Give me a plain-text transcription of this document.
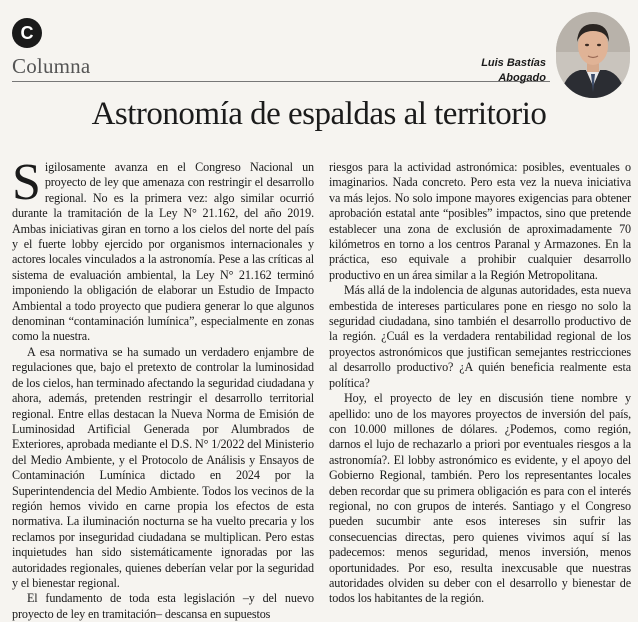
C
Columna	Luis Bastías
Abogado
Astronomía de espaldas al territorio

Sigilosamente avanza en el Congreso Nacional un proyecto de ley que amenaza con restringir el desarrollo regional. No es la primera vez: algo similar ocurrió durante la tramitación de la Ley N° 21.162, del año 2019. Ambas iniciativas giran en torno a los cielos del norte del país y el fuerte lobby ejercido por organismos internacionales y actores locales vinculados a la astronomía. Pese a las críticas al sistema de evaluación ambiental, la Ley N° 21.162 terminó imponiendo la obligación de elaborar un Estudio de Impacto Ambiental a todo proyecto que pudiera generar lo que algunos denominan “contaminación lumínica”, especialmente en zonas como la nuestra.

A esa normativa se ha sumado un verdadero enjambre de regulaciones que, bajo el pretexto de controlar la luminosidad de los cielos, han terminado afectando la seguridad ciudadana y ahora, además, pretenden restringir el desarrollo territorial regional. Entre ellas destacan la Nueva Norma de Emisión de Luminosidad Artificial Generada por Alumbrados de Exteriores, aprobada mediante el D.S. N° 1/2022 del Ministerio del Medio Ambiente, y el Protocolo de Análisis y Ensayos de Contaminación Lumínica dictado en 2024 por la Superintendencia del Medio Ambiente. Todos los vecinos de la región hemos vivido en carne propia los efectos de esta normativa. La iluminación nocturna se ha vuelto precaria y los reclamos por inseguridad ciudadana se multiplican. Pero estas inquietudes han sido sistemáticamente ignoradas por las autoridades regionales, quienes deberían velar por la seguridad y el bienestar regional.

El fundamento de toda esta legislación –y del nuevo proyecto de ley en tramitación– descansa en supuestos

riesgos para la actividad astronómica: posibles, eventuales o imaginarios. Nada concreto. Pero esta vez la nueva iniciativa va más lejos. No solo impone mayores exigencias para obtener aprobación estatal ante “posibles” impactos, sino que pretende establecer una zona de exclusión de aproximadamente 70 kilómetros en torno a los centros Paranal y Armazones. En la práctica, eso equivale a prohibir cualquier desarrollo productivo en un área similar a la Región Metropolitana.

Más allá de la indolencia de algunas autoridades, esta nueva embestida de intereses particulares pone en riesgo no solo la seguridad ciudadana, sino también el desarrollo productivo de la región. ¿Cuál es la verdadera rentabilidad regional de los proyectos astronómicos que justifican semejantes restricciones al desarrollo productivo? ¿A quién beneficia realmente esta política?

Hoy, el proyecto de ley en discusión tiene nombre y apellido: uno de los mayores proyectos de inversión del país, con 10.000 millones de dólares. ¿Podemos, como región, darnos el lujo de rechazarlo a priori por eventuales riesgos a la astronomía?. El lobby astronómico es evidente, y el apoyo del Gobierno Regional, también. Pero los representantes locales deben recordar que su primera obligación es para con el interés regional, no con grupos de interés. Santiago y el Congreso pueden sucumbir ante esos intereses sin sufrir las consecuencias directas, pero quienes vivimos aquí sí las padecemos: menos seguridad, menos inversión, menos oportunidades. Por eso, resulta inexcusable que nuestras autoridades olviden su deber con el desarrollo y bienestar de todos los habitantes de la región.
